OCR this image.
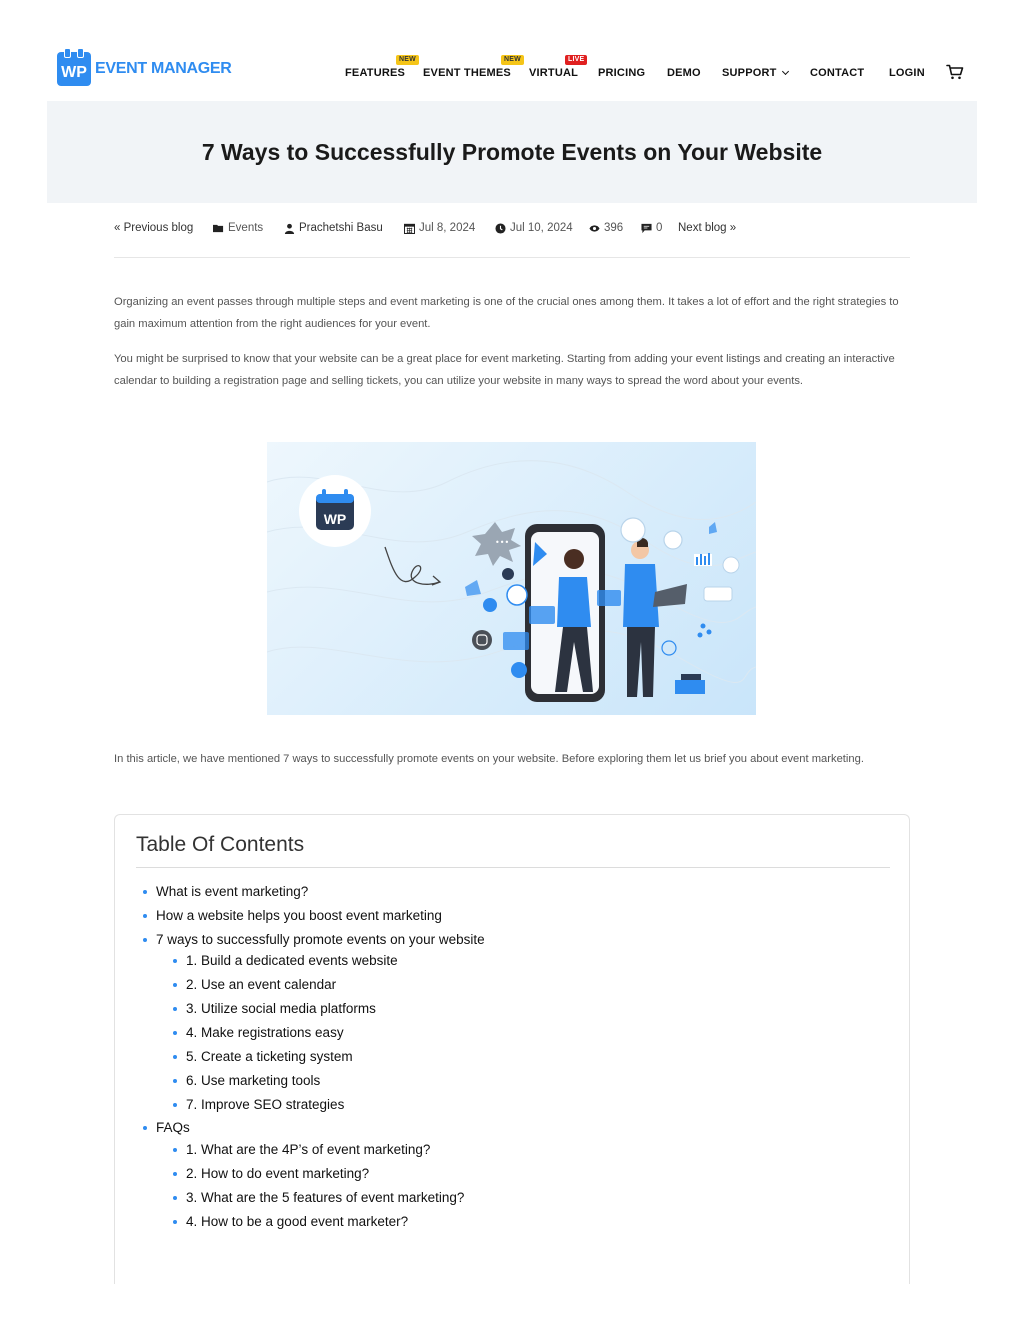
WP EVENT MANAGER	FEATURES
NEW
EVENT THEMES
NEW
VIRTUAL
LIVE
PRICING DEMO SUPPORT	CONTACT LOGIN
7 Ways to Successfully Promote Events on Your Website
« Previous blog	Events	Prachetshi Basu	Jul 8, 2024	Jul 10, 2024	396	0 Next blog »

Organizing an event passes through multiple steps and event marketing is one of the crucial ones among them. It takes a lot of effort and the right strategies to gain maximum attention from the right audiences for your event.

You might be surprised to know that your website can be a great place for event marketing. Starting from adding your event listings and creating an interactive calendar to building a registration page and selling tickets, you can utilize your website in many ways to spread the word about your events.

WP
•••

In this article, we have mentioned 7 ways to successfully promote events on your website. Before exploring them let us brief you about event marketing.

Table Of Contents
What is event marketing?
How a website helps you boost event marketing
7 ways to successfully promote events on your website
1. Build a dedicated events website
2. Use an event calendar
3. Utilize social media platforms
4. Make registrations easy
5. Create a ticketing system
6. Use marketing tools
7. Improve SEO strategies
FAQs
1. What are the 4P’s of event marketing?
2. How to do event marketing?
3. What are the 5 features of event marketing?
4. How to be a good event marketer?
